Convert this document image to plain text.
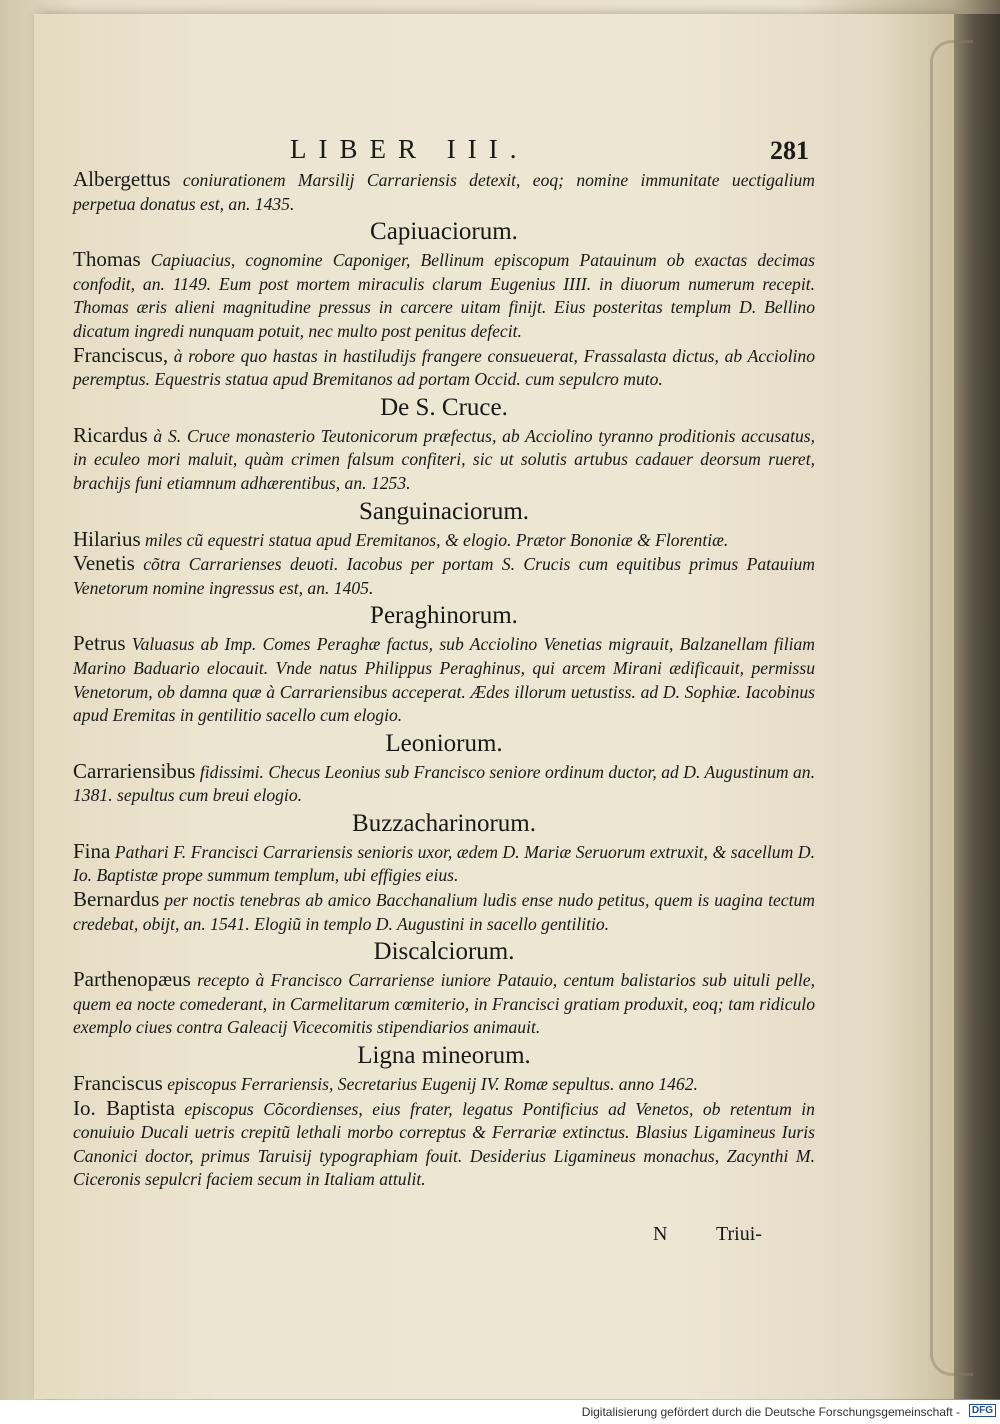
LIBER III.	281

Albergettus coniurationem Marsilij Carrariensis detexit, eoq; nomine immunitate uectigalium perpetua donatus est, an. 1435.

Capiuaciorum.

Thomas Capiuacius, cognomine Caponiger, Bellinum episcopum Patauinum ob exactas decimas confodit, an. 1149. Eum post mortem miraculis clarum Eugenius IIII. in diuorum numerum recepit. Thomas æris alieni magnitudine pressus in carcere uitam finijt. Eius posteritas templum D. Bellino dicatum ingredi nunquam potuit, nec multo post penitus defecit.

Franciscus, à robore quo hastas in hastiludijs frangere consueuerat, Frassalasta dictus, ab Acciolino peremptus. Equestris statua apud Bremitanos ad portam Occid. cum sepulcro muto.

De S. Cruce.

Ricardus à S. Cruce monasterio Teutonicorum præfectus, ab Acciolino tyranno proditionis accusatus, in eculeo mori maluit, quàm crimen falsum confiteri, sic ut solutis artubus cadauer deorsum rueret, brachijs funi etiamnum adhærentibus, an. 1253.

Sanguinaciorum.

Hilarius miles cũ equestri statua apud Eremitanos, & elogio. Prætor Bononiæ & Florentiæ.

Venetis cõtra Carrarienses deuoti. Iacobus per portam S. Crucis cum equitibus primus Patauium Venetorum nomine ingressus est, an. 1405.

Peraghinorum.

Petrus Valuasus ab Imp. Comes Peraghæ factus, sub Acciolino Venetias migrauit, Balzanellam filiam Marino Baduario elocauit. Vnde natus Philippus Peraghinus, qui arcem Mirani ædificauit, permissu Venetorum, ob damna quæ à Carrariensibus acceperat. Ædes illorum uetustiss. ad D. Sophiæ. Iacobinus apud Eremitas in gentilitio sacello cum elogio.

Leoniorum.

Carrariensibus fidissimi. Checus Leonius sub Francisco seniore ordinum ductor, ad D. Augustinum an. 1381. sepultus cum breui elogio.

Buzzacharinorum.

Fina Pathari F. Francisci Carrariensis senioris uxor, ædem D. Mariæ Seruorum extruxit, & sacellum D. Io. Baptistæ prope summum templum, ubi effigies eius.

Bernardus per noctis tenebras ab amico Bacchanalium ludis ense nudo petitus, quem is uagina tectum credebat, obijt, an. 1541. Elogiũ in templo D. Augustini in sacello gentilitio.

Discalciorum.

Parthenopæus recepto à Francisco Carrariense iuniore Patauio, centum balistarios sub uituli pelle, quem ea nocte comederant, in Carmelitarum cœmiterio, in Francisci gratiam produxit, eoq; tam ridiculo exemplo ciues contra Galeacij Vicecomitis stipendiarios animauit.

Ligna mineorum.

Franciscus episcopus Ferrariensis, Secretarius Eugenij IV. Romæ sepultus. anno 1462.

Io. Baptista episcopus Cõcordienses, eius frater, legatus Pontificius ad Venetos, ob retentum in conuiuio Ducali uetris crepitũ lethali morbo correptus & Ferrariæ extinctus. Blasius Ligamineus Iuris Canonici doctor, primus Taruisij typographiam fouit. Desiderius Ligamineus monachus, Zacynthi M. Ciceronis sepulcri faciem secum in Italiam attulit.

N Triui-
Digitalisierung gefördert durch die Deutsche Forschungsgemeinschaft -	DFG
